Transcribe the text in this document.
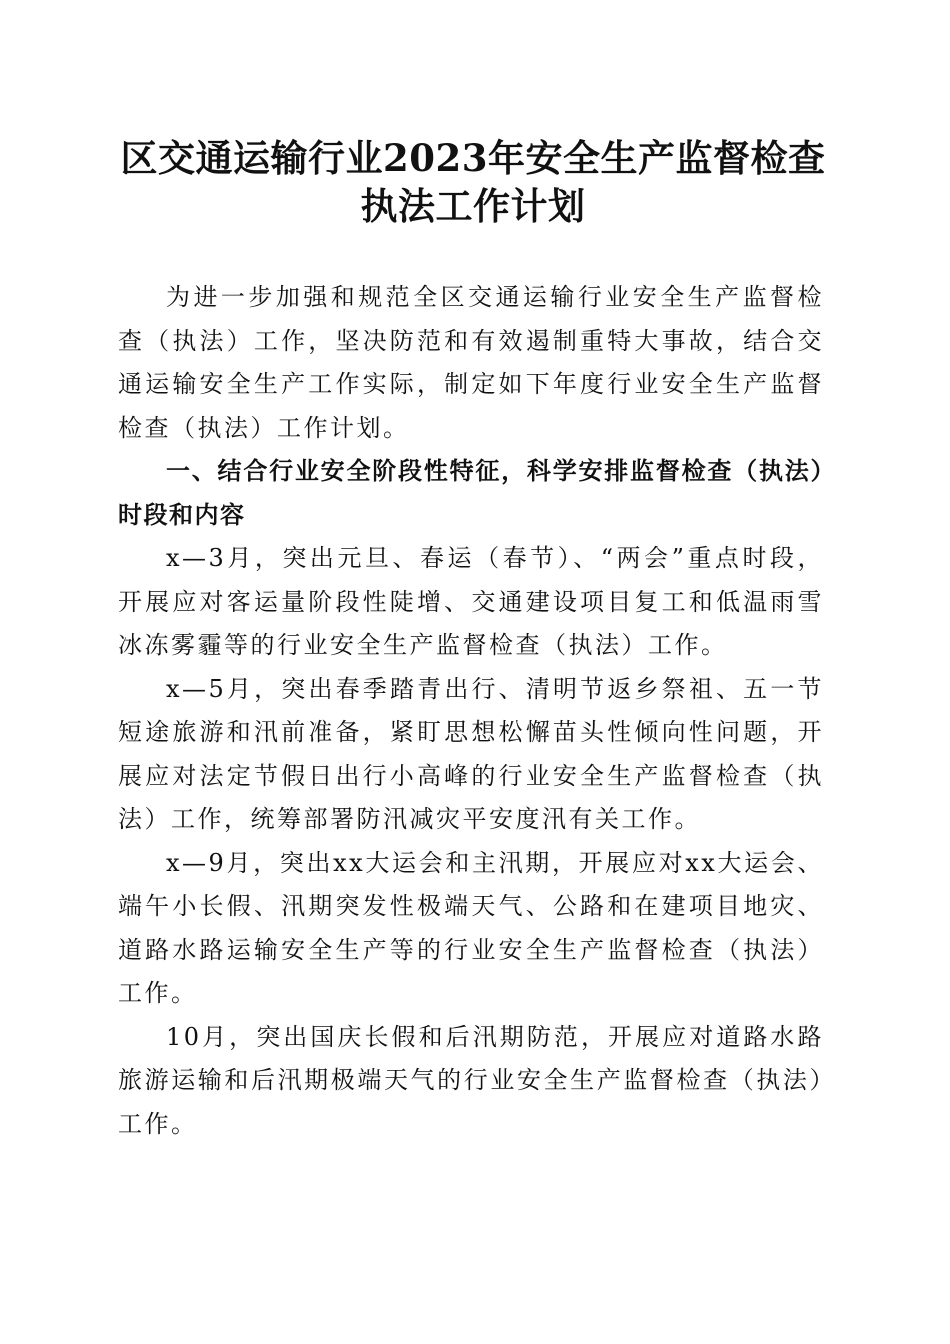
区交通运输行业2023年安全生产监督检查执法工作计划

为进一步加强和规范全区交通运输行业安全生产监督检查（执法）工作，坚决防范和有效遏制重特大事故，结合交通运输安全生产工作实际，制定如下年度行业安全生产监督检查（执法）工作计划。

一、结合行业安全阶段性特征，科学安排监督检查（执法）时段和内容

x—3月，突出元旦、春运（春节）、“两会”重点时段，开展应对客运量阶段性陡增、交通建设项目复工和低温雨雪冰冻雾霾等的行业安全生产监督检查（执法）工作。

x—5月，突出春季踏青出行、清明节返乡祭祖、五一节短途旅游和汛前准备，紧盯思想松懈苗头性倾向性问题，开展应对法定节假日出行小高峰的行业安全生产监督检查（执法）工作，统筹部署防汛减灾平安度汛有关工作。

x—9月，突出xx大运会和主汛期，开展应对xx大运会、端午小长假、汛期突发性极端天气、公路和在建项目地灾、道路水路运输安全生产等的行业安全生产监督检查（执法）工作。

10月，突出国庆长假和后汛期防范，开展应对道路水路旅游运输和后汛期极端天气的行业安全生产监督检查（执法）工作。
